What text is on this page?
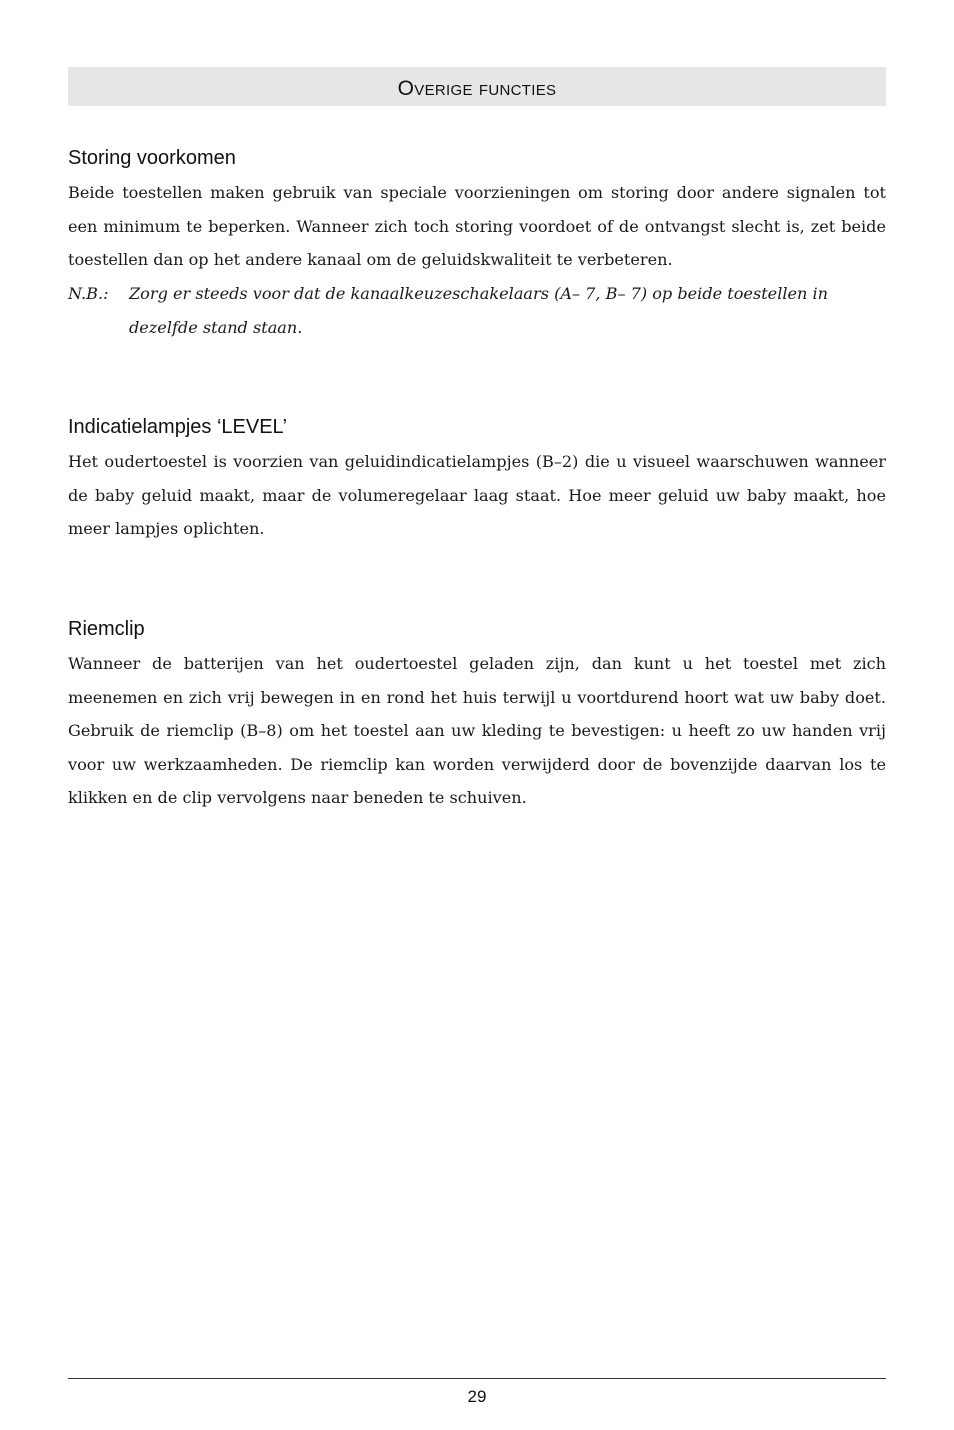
Overige functies
Storing voorkomen

Beide toestellen maken gebruik van speciale voorzieningen om storing door andere signalen tot een minimum te beperken. Wanneer zich toch storing voordoet of de ontvangst slecht is, zet beide toestellen dan op het andere kanaal om de geluidskwaliteit te verbeteren.

N.B.: Zorg er steeds voor dat de kanaalkeuzeschakelaars (A– 7, B– 7) op beide toestellen in dezelfde stand staan.
Indicatielampjes ‘LEVEL’

Het oudertoestel is voorzien van geluidindicatielampjes (B–2) die u visueel waarschuwen wanneer de baby geluid maakt, maar de volumeregelaar laag staat. Hoe meer geluid uw baby maakt, hoe meer lampjes oplichten.

Riemclip

Wanneer de batterijen van het oudertoestel geladen zijn, dan kunt u het toestel met zich meenemen en zich vrij bewegen in en rond het huis terwijl u voortdurend hoort wat uw baby doet. Gebruik de riemclip (B–8) om het toestel aan uw kleding te bevestigen: u heeft zo uw handen vrij voor uw werkzaamheden. De riemclip kan worden verwijderd door de bovenzijde daarvan los te klikken en de clip vervolgens naar beneden te schuiven.

29
